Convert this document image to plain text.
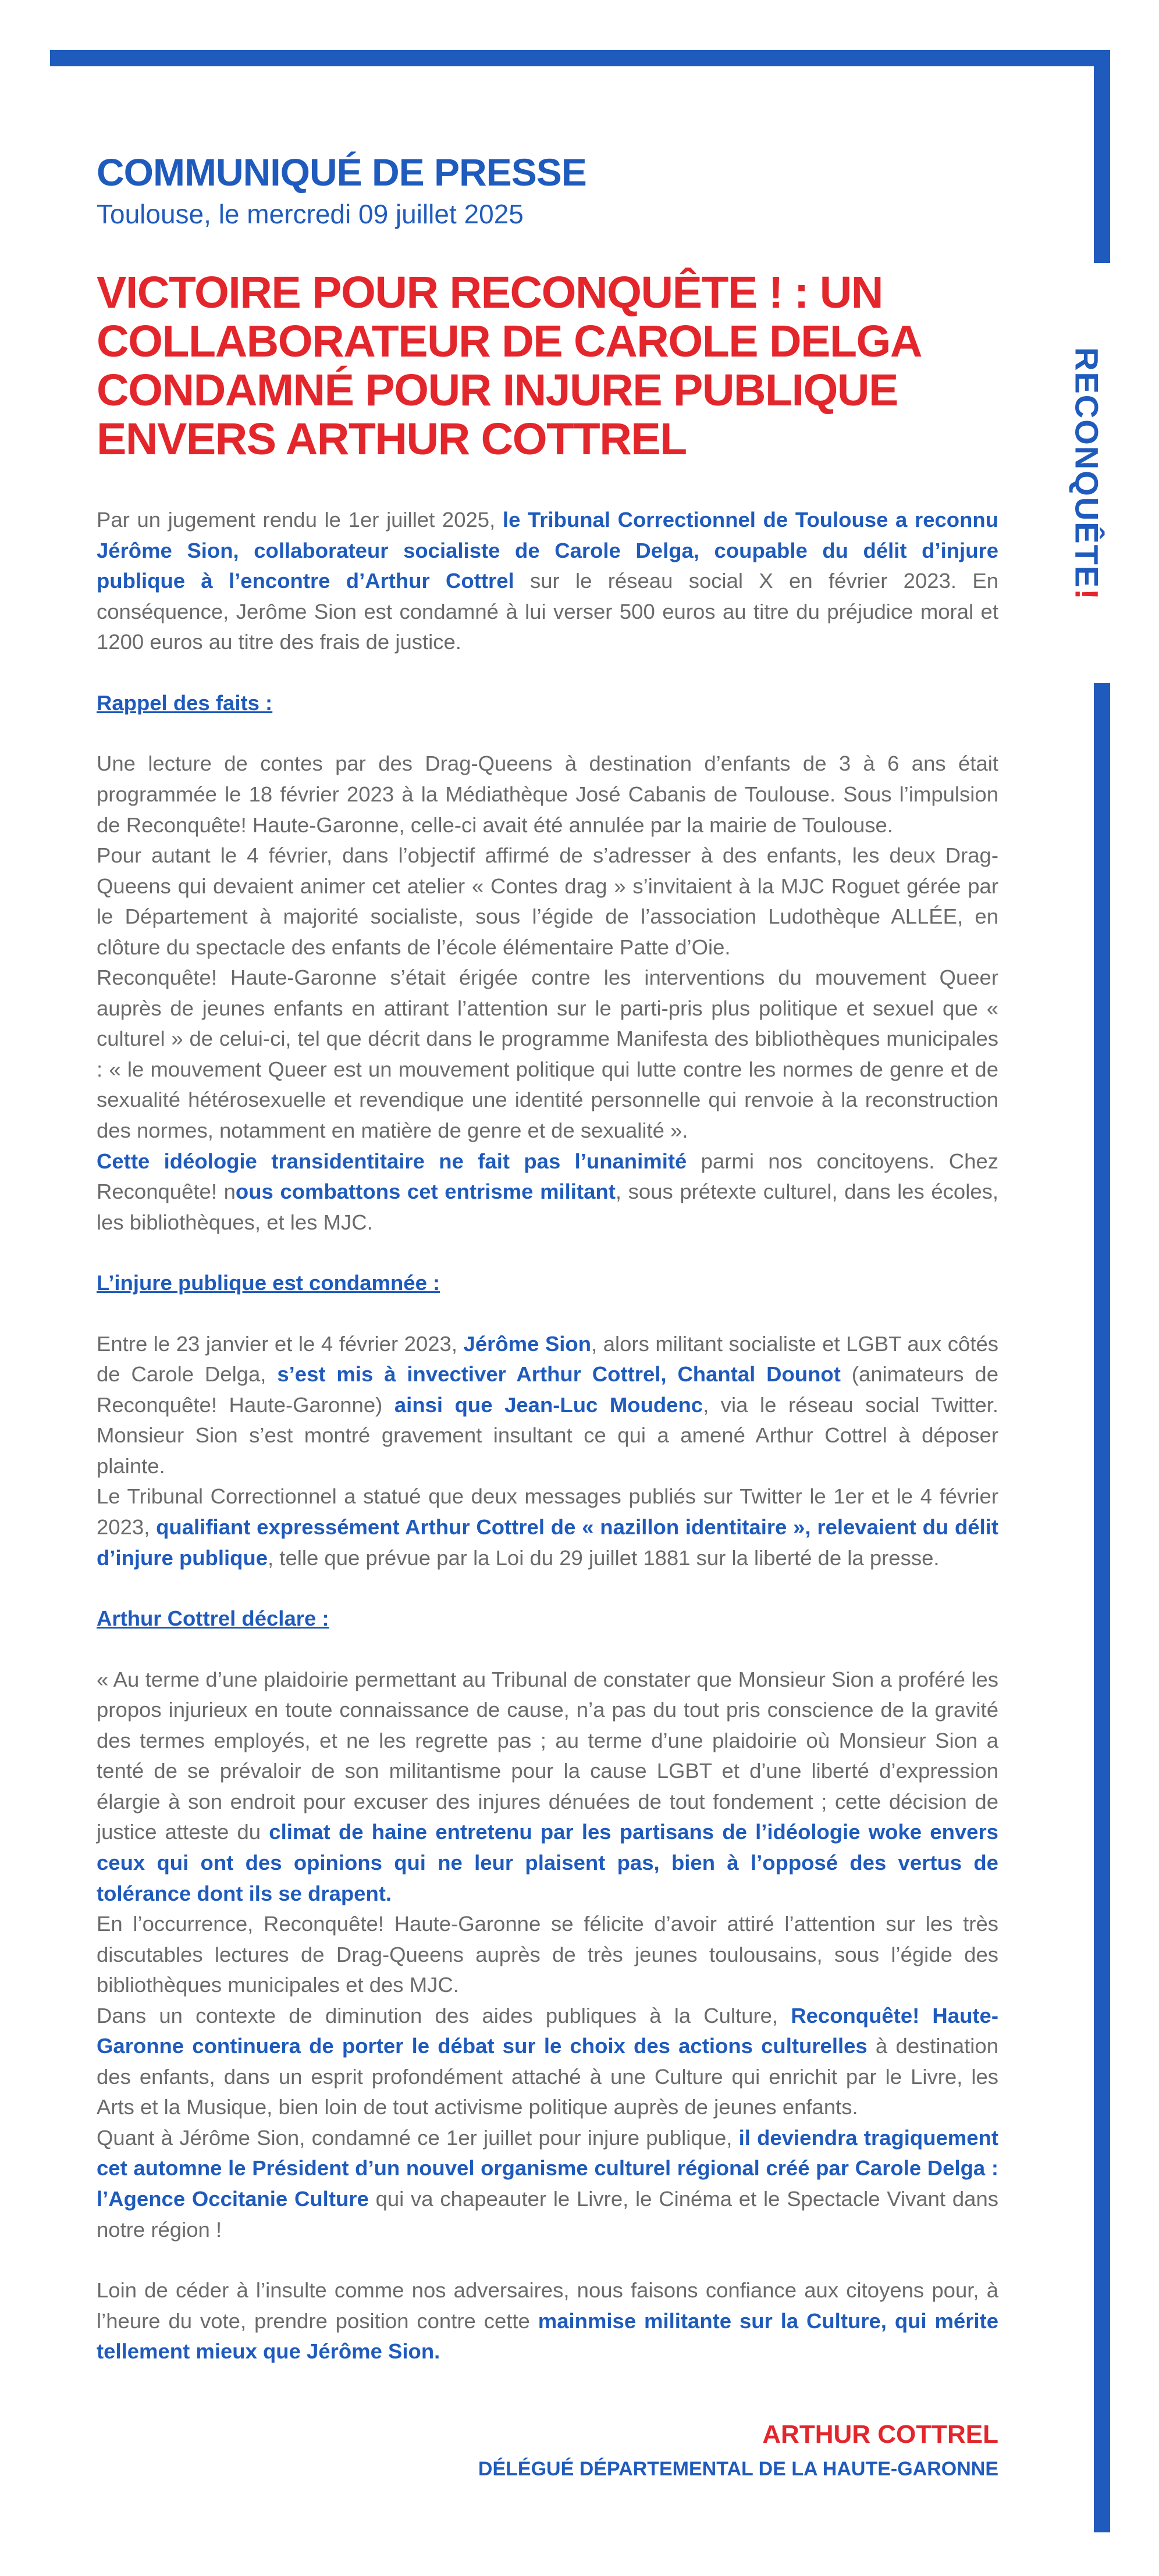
RECONQUÊTE!
COMMUNIQUÉ DE PRESSE
Toulouse, le mercredi 09 juillet 2025
VICTOIRE POUR RECONQUÊTE ! : UN COLLABORATEUR DE CAROLE DELGA CONDAMNÉ POUR INJURE PUBLIQUE ENVERS ARTHUR COTTREL

Par un jugement rendu le 1er juillet 2025, le Tribunal Correctionnel de Toulouse a reconnu Jérôme Sion, collaborateur socialiste de Carole Delga, coupable du délit d’injure publique à l’encontre d’Arthur Cottrel sur le réseau social X en février 2023. En conséquence, Jerôme Sion est condamné à lui verser 500 euros au titre du préjudice moral et 1200 euros au titre des frais de justice.

Rappel des faits :

Une lecture de contes par des Drag-Queens à destination d’enfants de 3 à 6 ans était programmée le 18 février 2023 à la Médiathèque José Cabanis de Toulouse. Sous l’impulsion de Reconquête! Haute-Garonne, celle-ci avait été annulée par la mairie de Toulouse.

Pour autant le 4 février, dans l’objectif affirmé de s’adresser à des enfants, les deux Drag-Queens qui devaient animer cet atelier « Contes drag » s’invitaient à la MJC Roguet gérée par le Département à majorité socialiste, sous l’égide de l’association Ludothèque ALLÉE, en clôture du spectacle des enfants de l’école élémentaire Patte d’Oie.

Reconquête! Haute-Garonne s’était érigée contre les interventions du mouvement Queer auprès de jeunes enfants en attirant l’attention sur le parti-pris plus politique et sexuel que « culturel » de celui-ci, tel que décrit dans le programme Manifesta des bibliothèques municipales : « le mouvement Queer est un mouvement politique qui lutte contre les normes de genre et de sexualité hétérosexuelle et revendique une identité personnelle qui renvoie à la reconstruction des normes, notamment en matière de genre et de sexualité ».

Cette idéologie transidentitaire ne fait pas l’unanimité parmi nos concitoyens. Chez Reconquête! nous combattons cet entrisme militant, sous prétexte culturel, dans les écoles, les bibliothèques, et les MJC.

L’injure publique est condamnée :

Entre le 23 janvier et le 4 février 2023, Jérôme Sion, alors militant socialiste et LGBT aux côtés de Carole Delga, s’est mis à invectiver Arthur Cottrel, Chantal Dounot (animateurs de Reconquête! Haute-Garonne) ainsi que Jean-Luc Moudenc, via le réseau social Twitter. Monsieur Sion s’est montré gravement insultant ce qui a amené Arthur Cottrel à déposer plainte.

Le Tribunal Correctionnel a statué que deux messages publiés sur Twitter le 1er et le 4 février 2023, qualifiant expressément Arthur Cottrel de « nazillon identitaire », relevaient du délit d’injure publique, telle que prévue par la Loi du 29 juillet 1881 sur la liberté de la presse.

Arthur Cottrel déclare :

« Au terme d’une plaidoirie permettant au Tribunal de constater que Monsieur Sion a proféré les propos injurieux en toute connaissance de cause, n’a pas du tout pris conscience de la gravité des termes employés, et ne les regrette pas ; au terme d’une plaidoirie où Monsieur Sion a tenté de se prévaloir de son militantisme pour la cause LGBT et d’une liberté d’expression élargie à son endroit pour excuser des injures dénuées de tout fondement ; cette décision de justice atteste du climat de haine entretenu par les partisans de l’idéologie woke envers ceux qui ont des opinions qui ne leur plaisent pas, bien à l’opposé des vertus de tolérance dont ils se drapent.

En l’occurrence, Reconquête! Haute-Garonne se félicite d’avoir attiré l’attention sur les très discutables lectures de Drag-Queens auprès de très jeunes toulousains, sous l’égide des bibliothèques municipales et des MJC.

Dans un contexte de diminution des aides publiques à la Culture, Reconquête! Haute-Garonne continuera de porter le débat sur le choix des actions culturelles à destination des enfants, dans un esprit profondément attaché à une Culture qui enrichit par le Livre, les Arts et la Musique, bien loin de tout activisme politique auprès de jeunes enfants.

Quant à Jérôme Sion, condamné ce 1er juillet pour injure publique, il deviendra tragiquement cet automne le Président d’un nouvel organisme culturel régional créé par Carole Delga : l’Agence Occitanie Culture qui va chapeauter le Livre, le Cinéma et le Spectacle Vivant dans notre région !

Loin de céder à l’insulte comme nos adversaires, nous faisons confiance aux citoyens pour, à l’heure du vote, prendre position contre cette mainmise militante sur la Culture, qui mérite tellement mieux que Jérôme Sion.

ARTHUR COTTREL
DÉLÉGUÉ DÉPARTEMENTAL DE LA HAUTE-GARONNE
